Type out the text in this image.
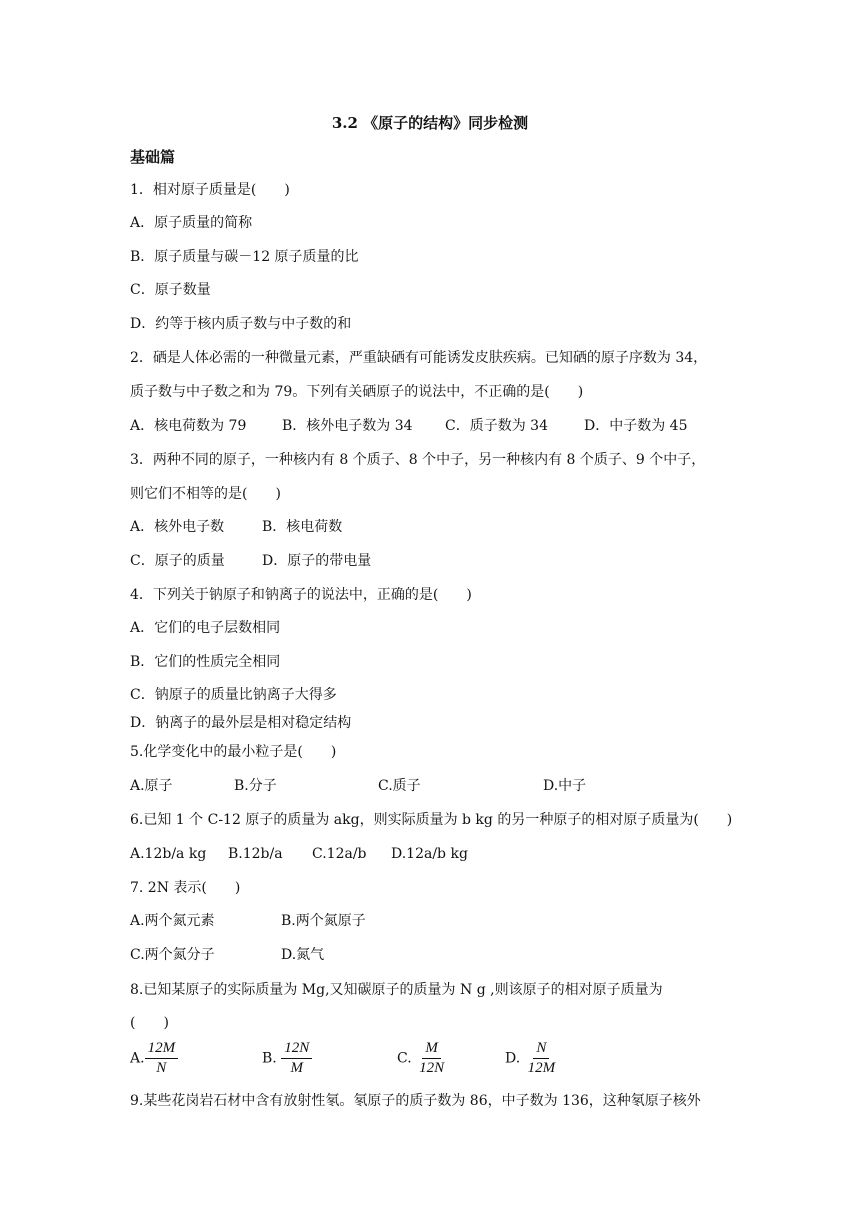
3.2 《原子的结构》同步检测
基础篇
1．相对原子质量是(　　)
A．原子质量的简称
B．原子质量与碳－12 原子质量的比
C．原子数量
D．约等于核内质子数与中子数的和
2．硒是人体必需的一种微量元素，严重缺硒有可能诱发皮肤疾病。已知硒的原子序数为 34，
质子数与中子数之和为 79。下列有关硒原子的说法中，不正确的是(　　)
A．核电荷数为 79	B．核外电子数为 34 C．质子数为 34	D．中子数为 45
3．两种不同的原子，一种核内有 8 个质子、8 个中子，另一种核内有 8 个质子、9 个中子，
则它们不相等的是(　　)
A．核外电子数	B．核电荷数
C．原子的质量	D．原子的带电量
4．下列关于钠原子和钠离子的说法中，正确的是(　　)
A．它们的电子层数相同
B．它们的性质完全相同
C．钠原子的质量比钠离子大得多
D．钠离子的最外层是相对稳定结构
5.化学变化中的最小粒子是(　　)
A.原子	B.分子	C.质子	D.中子
6.已知 1 个 C-12 原子的质量为 akg，则实际质量为 b kg 的另一种原子的相对原子质量为(　　)
A.12b/a kg B.12b/a C.12a/b D.12a/b kg
7. 2N 表示(　　)
A.两个氮元素	B.两个氮原子
C.两个氮分子	D.氮气
8.已知某原子的实际质量为 Mg,又知碳原子的质量为 N g ,则该原子的相对原子质量为
(　　)
A. $\frac{12M}{N}$	B. $\frac{12N}{M}$	C. $\frac{M}{12N}$	D. $\frac{N}{12M}$
9.某些花岗岩石材中含有放射性氡。氡原子的质子数为 86，中子数为 136，这种氡原子核外
